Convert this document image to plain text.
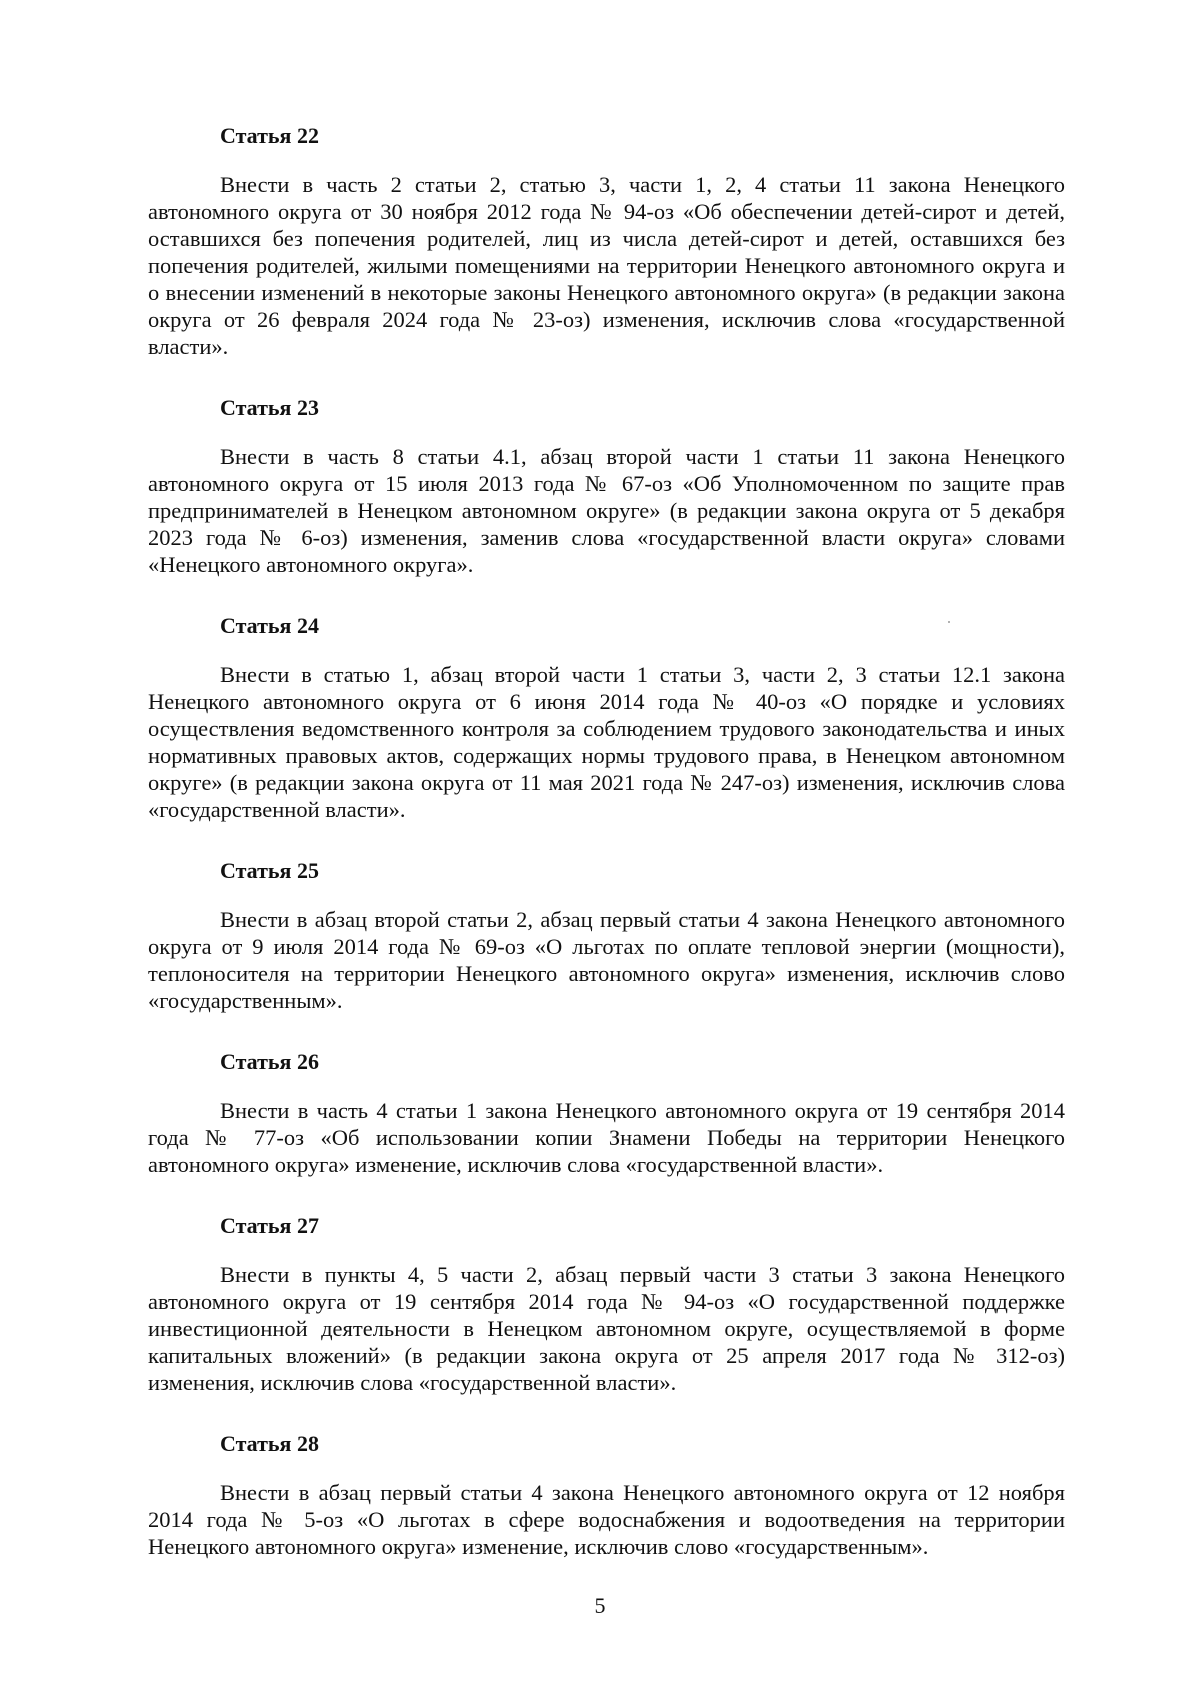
Статья 22

Внести в часть 2 статьи 2, статью 3, части 1, 2, 4 статьи 11 закона Ненецкого автономного округа от 30 ноября 2012 года № 94-оз «Об обеспечении детей-сирот и детей, оставшихся без попечения родителей, лиц из числа детей-сирот и детей, оставшихся без попечения родителей, жилыми помещениями на территории Ненецкого автономного округа и о внесении изменений в некоторые законы Ненецкого автономного округа» (в редакции закона округа от 26 февраля 2024 года № 23-оз) изменения, исключив слова «государственной власти».

Статья 23

Внести в часть 8 статьи 4.1, абзац второй части 1 статьи 11 закона Ненецкого автономного округа от 15 июля 2013 года № 67-оз «Об Уполномоченном по защите прав предпринимателей в Ненецком автономном округе» (в редакции закона округа от 5 декабря 2023 года № 6-оз) изменения, заменив слова «государственной власти округа» словами «Ненецкого автономного округа».

Статья 24

Внести в статью 1, абзац второй части 1 статьи 3, части 2, 3 статьи 12.1 закона Ненецкого автономного округа от 6 июня 2014 года № 40-оз «О порядке и условиях осуществления ведомственного контроля за соблюдением трудового законодательства и иных нормативных правовых актов, содержащих нормы трудового права, в Ненецком автономном округе» (в редакции закона округа от 11 мая 2021 года № 247-оз) изменения, исключив слова «государственной власти».

Статья 25

Внести в абзац второй статьи 2, абзац первый статьи 4 закона Ненецкого автономного округа от 9 июля 2014 года № 69-оз «О льготах по оплате тепловой энергии (мощности), теплоносителя на территории Ненецкого автономного округа» изменения, исключив слово «государственным».

Статья 26

Внести в часть 4 статьи 1 закона Ненецкого автономного округа от 19 сентября 2014 года № 77-оз «Об использовании копии Знамени Победы на территории Ненецкого автономного округа» изменение, исключив слова «государственной власти».

Статья 27

Внести в пункты 4, 5 части 2, абзац первый части 3 статьи 3 закона Ненецкого автономного округа от 19 сентября 2014 года № 94-оз «О государственной поддержке инвестиционной деятельности в Ненецком автономном округе, осуществляемой в форме капитальных вложений» (в редакции закона округа от 25 апреля 2017 года № 312-оз) изменения, исключив слова «государственной власти».

Статья 28

Внести в абзац первый статьи 4 закона Ненецкого автономного округа от 12 ноября 2014 года № 5-оз «О льготах в сфере водоснабжения и водоотведения на территории Ненецкого автономного округа» изменение, исключив слово «государственным».

5
